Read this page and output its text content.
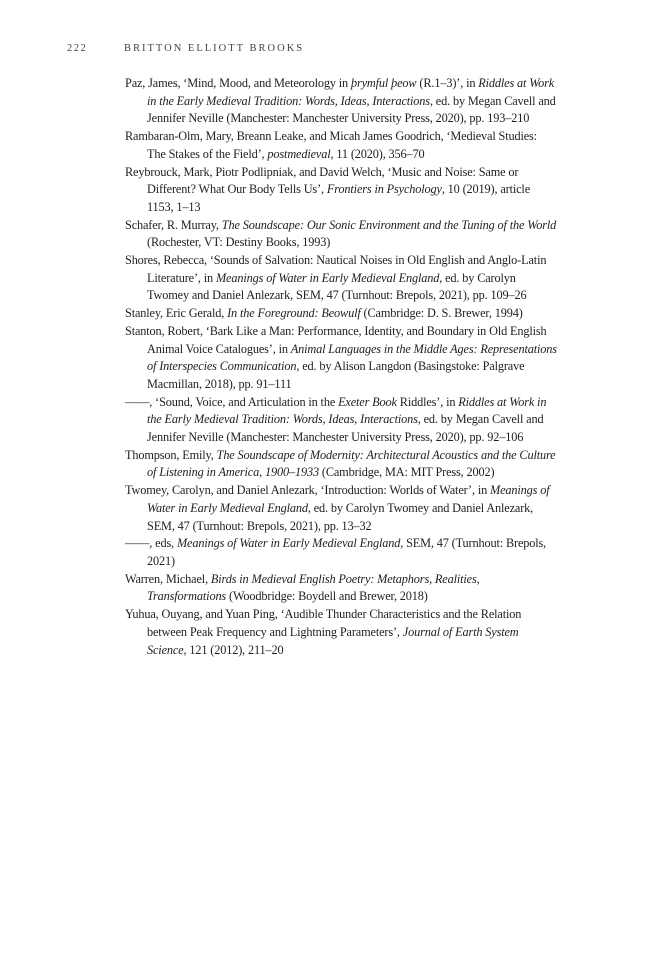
222	BRITTON ELLIOTT BROOKS
Paz, James, ‘Mind, Mood, and Meteorology in þrymful þeow (R.1–3)’, in Riddles at Work in the Early Medieval Tradition: Words, Ideas, Interactions, ed. by Megan Cavell and Jennifer Neville (Manchester: Manchester University Press, 2020), pp. 193–210
Rambaran-Olm, Mary, Breann Leake, and Micah James Goodrich, ‘Medieval Studies: The Stakes of the Field’, postmedieval, 11 (2020), 356–70
Reybrouck, Mark, Piotr Podlipniak, and David Welch, ‘Music and Noise: Same or Different? What Our Body Tells Us’, Frontiers in Psychology, 10 (2019), article 1153, 1–13
Schafer, R. Murray, The Soundscape: Our Sonic Environment and the Tuning of the World (Rochester, VT: Destiny Books, 1993)
Shores, Rebecca, ‘Sounds of Salvation: Nautical Noises in Old English and Anglo-Latin Literature’, in Meanings of Water in Early Medieval England, ed. by Carolyn Twomey and Daniel Anlezark, SEM, 47 (Turnhout: Brepols, 2021), pp. 109–26
Stanley, Eric Gerald, In the Foreground: Beowulf (Cambridge: D. S. Brewer, 1994)
Stanton, Robert, ‘Bark Like a Man: Performance, Identity, and Boundary in Old English Animal Voice Catalogues’, in Animal Languages in the Middle Ages: Representations of Interspecies Communication, ed. by Alison Langdon (Basingstoke: Palgrave Macmillan, 2018), pp. 91–111
——, ‘Sound, Voice, and Articulation in the Exeter Book Riddles’, in Riddles at Work in the Early Medieval Tradition: Words, Ideas, Interactions, ed. by Megan Cavell and Jennifer Neville (Manchester: Manchester University Press, 2020), pp. 92–106
Thompson, Emily, The Soundscape of Modernity: Architectural Acoustics and the Culture of Listening in America, 1900–1933 (Cambridge, MA: MIT Press, 2002)
Twomey, Carolyn, and Daniel Anlezark, ‘Introduction: Worlds of Water’, in Meanings of Water in Early Medieval England, ed. by Carolyn Twomey and Daniel Anlezark, SEM, 47 (Turnhout: Brepols, 2021), pp. 13–32
——, eds, Meanings of Water in Early Medieval England, SEM, 47 (Turnhout: Brepols, 2021)
Warren, Michael, Birds in Medieval English Poetry: Metaphors, Realities, Transformations (Woodbridge: Boydell and Brewer, 2018)
Yuhua, Ouyang, and Yuan Ping, ‘Audible Thunder Characteristics and the Relation between Peak Frequency and Lightning Parameters’, Journal of Earth System Science, 121 (2012), 211–20
